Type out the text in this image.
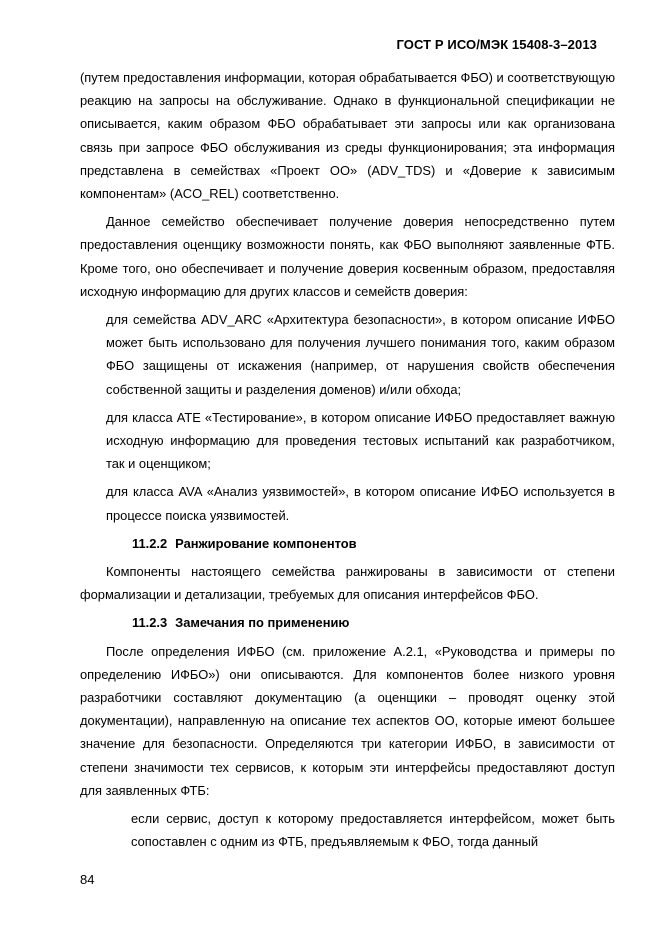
ГОСТ Р ИСО/МЭК 15408-3–2013

(путем предоставления информации, которая обрабатывается ФБО) и соответствующую реакцию на запросы на обслуживание. Однако в функциональной спецификации не описывается, каким образом ФБО обрабатывает эти запросы или как организована связь при запросе ФБО обслуживания из среды функционирования; эта информация представлена в семействах «Проект ОО» (ADV_TDS) и «Доверие к зависимым компонентам» (ACO_REL) соответственно.

Данное семейство обеспечивает получение доверия непосредственно путем предоставления оценщику возможности понять, как ФБО выполняют заявленные ФТБ. Кроме того, оно обеспечивает и получение доверия косвенным образом, предоставляя исходную информацию для других классов и семейств доверия:

для семейства ADV_ARC «Архитектура безопасности», в котором описание ИФБО может быть использовано для получения лучшего понимания того, каким образом ФБО защищены от искажения (например, от нарушения свойств обеспечения собственной защиты и разделения доменов) и/или обхода;

для класса ATE «Тестирование», в котором описание ИФБО предоставляет важную исходную информацию для проведения тестовых испытаний как разработчиком, так и оценщиком;

для класса AVA «Анализ уязвимостей», в котором описание ИФБО используется в процессе поиска уязвимостей.

11.2.2 Ранжирование компонентов

Компоненты настоящего семейства ранжированы в зависимости от степени формализации и детализации, требуемых для описания интерфейсов ФБО.

11.2.3 Замечания по применению

После определения ИФБО (см. приложение А.2.1, «Руководства и примеры по определению ИФБО») они описываются. Для компонентов более низкого уровня разработчики составляют документацию (а оценщики – проводят оценку этой документации), направленную на описание тех аспектов ОО, которые имеют большее значение для безопасности. Определяются три категории ИФБО, в зависимости от степени значимости тех сервисов, к которым эти интерфейсы предоставляют доступ для заявленных ФТБ:

если сервис, доступ к которому предоставляется интерфейсом, может быть сопоставлен с одним из ФТБ, предъявляемым к ФБО, тогда данный

84
